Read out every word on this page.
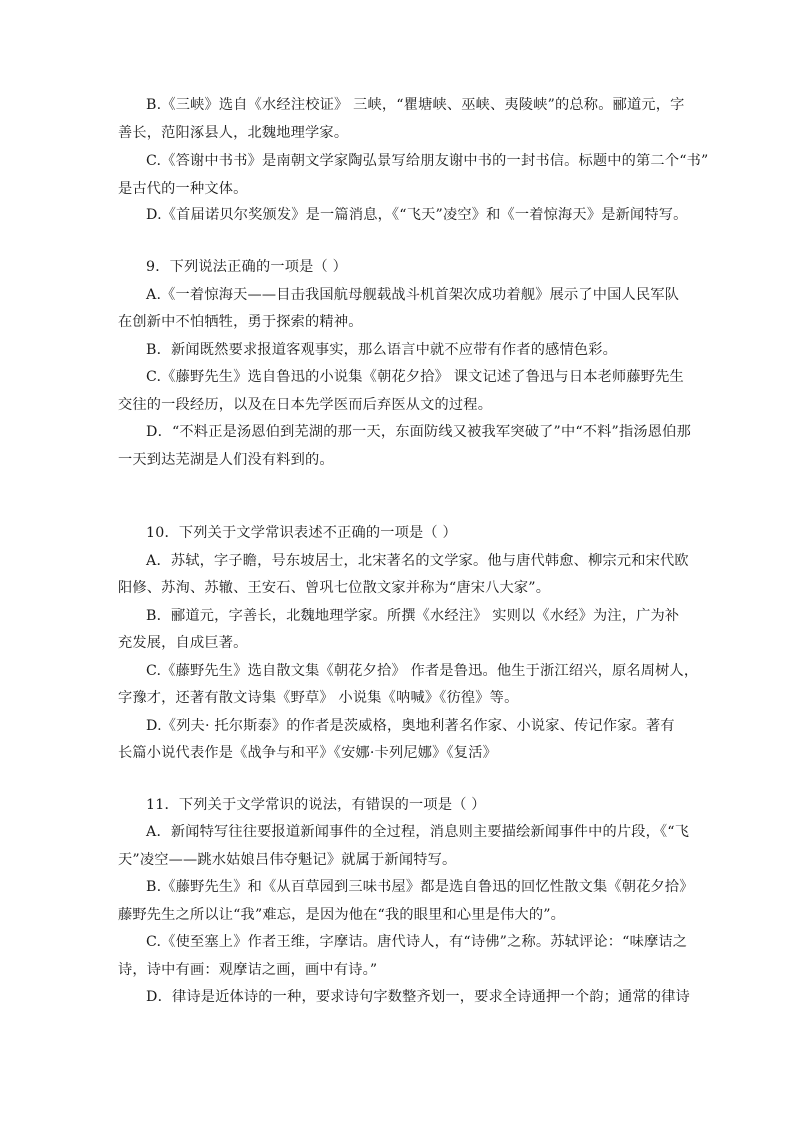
B.《三峡》选自《水经注校证》 三峡，“瞿塘峡、巫峡、夷陵峡”的总称。郦道元，字
善长，范阳涿县人，北魏地理学家。
C.《答谢中书书》是南朝文学家陶弘景写给朋友谢中书的一封书信。标题中的第二个“书”
是古代的一种文体。
D.《首届诺贝尔奖颁发》是一篇消息，《“飞天”凌空》和《一着惊海天》是新闻特写。
9．下列说法正确的一项是（ ）
A.《一着惊海天——目击我国航母舰载战斗机首架次成功着舰》展示了中国人民军队
在创新中不怕牺牲，勇于探索的精神。
B．新闻既然要求报道客观事实，那么语言中就不应带有作者的感情色彩。
C.《藤野先生》选自鲁迅的小说集《朝花夕拾》 课文记述了鲁迅与日本老师藤野先生
交往的一段经历，以及在日本先学医而后弃医从文的过程。
D．“不料正是汤恩伯到芜湖的那一天，东面防线又被我军突破了”中“不料”指汤恩伯那
一天到达芜湖是人们没有料到的。
10．下列关于文学常识表述不正确的一项是（ ）
A．苏轼，字子瞻，号东坡居士，北宋著名的文学家。他与唐代韩愈、柳宗元和宋代欧
阳修、苏洵、苏辙、王安石、曾巩七位散文家并称为“唐宋八大家”。
B．郦道元，字善长，北魏地理学家。所撰《水经注》 实则以《水经》为注，广为补
充发展，自成巨著。
C.《藤野先生》选自散文集《朝花夕拾》 作者是鲁迅。他生于浙江绍兴，原名周树人，
字豫才，还著有散文诗集《野草》 小说集《呐喊》《彷徨》等。
D.《列夫· 托尔斯泰》的作者是茨威格，奥地利著名作家、小说家、传记作家。著有
长篇小说代表作是《战争与和平》《安娜·卡列尼娜》《复活》
11．下列关于文学常识的说法，有错误的一项是（ ）
A．新闻特写往往要报道新闻事件的全过程，消息则主要描绘新闻事件中的片段，《“飞
天”凌空——跳水姑娘吕伟夺魁记》就属于新闻特写。
B.《藤野先生》和《从百草园到三味书屋》都是选自鲁迅的回忆性散文集《朝花夕拾》
藤野先生之所以让“我”难忘，是因为他在“我的眼里和心里是伟大的”。
C.《使至塞上》作者王维，字摩诘。唐代诗人，有“诗佛”之称。苏轼评论：“味摩诘之
诗，诗中有画：观摩诘之画，画中有诗。”
D．律诗是近体诗的一种，要求诗句字数整齐划一，要求全诗通押一个韵；通常的律诗
